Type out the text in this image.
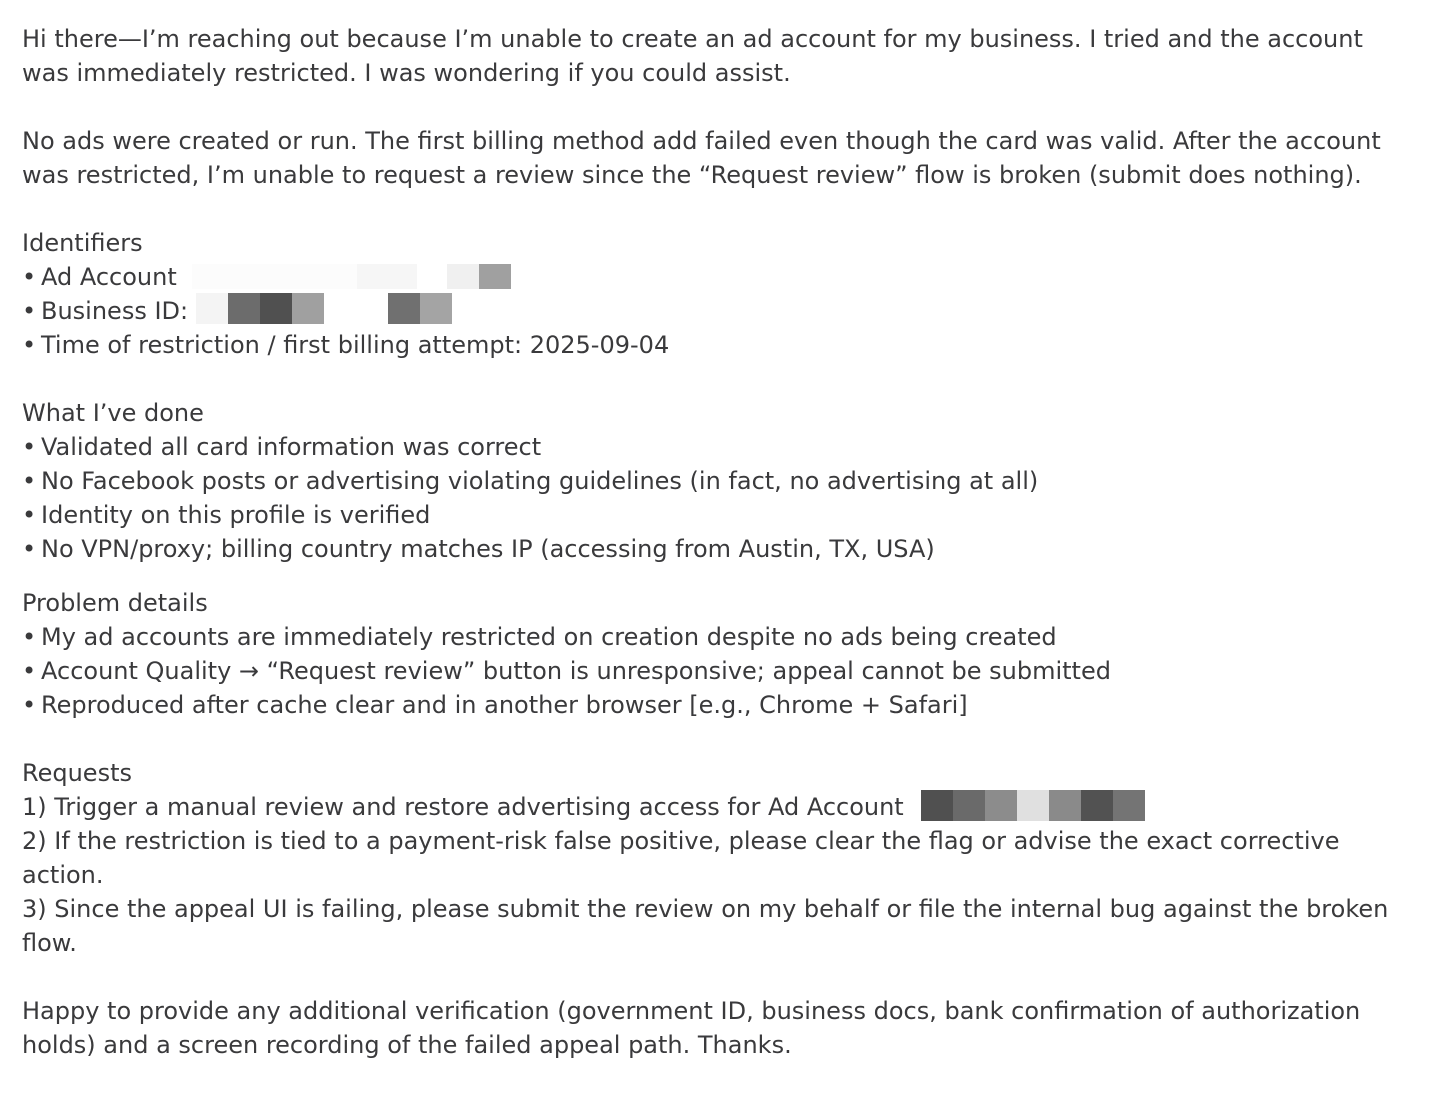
Hi there—I’m reaching out because I’m unable to create an ad account for my business. I tried and the account
was immediately restricted. I was wondering if you could assist.

No ads were created or run. The first billing method add failed even though the card was valid. After the account
was restricted, I’m unable to request a review since the “Request review” flow is broken (submit does nothing).

Identifiers
• Ad Account
• Business ID:
• Time of restriction / first billing attempt: 2025-09-04
What I’ve done
• Validated all card information was correct
• No Facebook posts or advertising violating guidelines (in fact, no advertising at all)
• Identity on this profile is verified
• No VPN/proxy; billing country matches IP (accessing from Austin, TX, USA)
Problem details
• My ad accounts are immediately restricted on creation despite no ads being created
• Account Quality → “Request review” button is unresponsive; appeal cannot be submitted
• Reproduced after cache clear and in another browser [e.g., Chrome + Safari]
Requests
1) Trigger a manual review and restore advertising access for Ad Account
2) If the restriction is tied to a payment-risk false positive, please clear the flag or advise the exact corrective
action.
3) Since the appeal UI is failing, please submit the review on my behalf or file the internal bug against the broken
flow.

Happy to provide any additional verification (government ID, business docs, bank confirmation of authorization
holds) and a screen recording of the failed appeal path. Thanks.
